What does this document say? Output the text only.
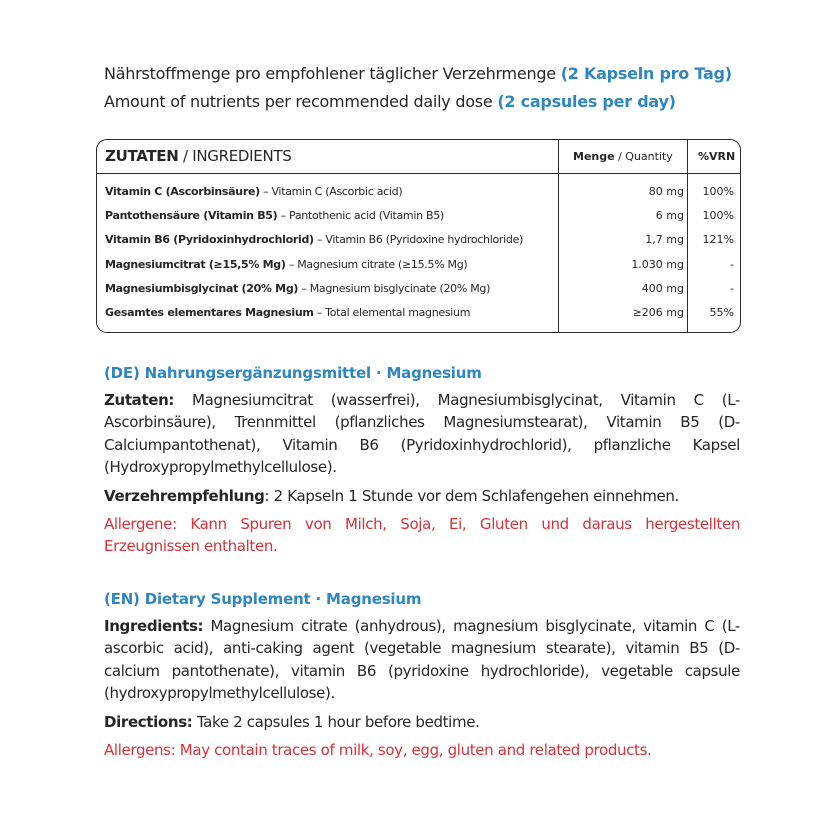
Nährstoffmenge pro empfohlener täglicher Verzehrmenge (2 Kapseln pro Tag)
Amount of nutrients per recommended daily dose (2 capsules per day)
ZUTATEN / INGREDIENTS	Menge / Quantity %VRN
Vitamin C (Ascorbinsäure) – Vitamin C (Ascorbic acid)	80 mg 100%
Pantothensäure (Vitamin B5) – Pantothenic acid (Vitamin B5)	6 mg 100%
Vitamin B6 (Pyridoxinhydrochlorid) – Vitamin B6 (Pyridoxine hydrochloride)	1,7 mg 121%
Magnesiumcitrat (≥15,5% Mg) – Magnesium citrate (≥15.5% Mg)	1.030 mg	-
Magnesiumbisglycinat (20% Mg) – Magnesium bisglycinate (20% Mg)	400 mg	-
Gesamtes elementares Magnesium – Total elemental magnesium	≥206 mg 55%
(DE) Nahrungsergänzungsmittel · Magnesium

Zutaten: Magnesiumcitrat (wasserfrei), Magnesiumbisglycinat, Vitamin C (L-Ascorbinsäure), Trennmittel (pflanzliches Magnesiumstearat), Vitamin B5 (D-Calciumpantothenat), Vitamin B6 (Pyridoxinhydrochlorid), pflanzliche Kapsel (Hydroxypropylmethylcellulose).

Verzehrempfehlung: 2 Kapseln 1 Stunde vor dem Schlafengehen einnehmen.

Allergene: Kann Spuren von Milch, Soja, Ei, Gluten und daraus hergestellten Erzeugnissen enthalten.

(EN) Dietary Supplement · Magnesium

Ingredients: Magnesium citrate (anhydrous), magnesium bisglycinate, vitamin C (L-ascorbic acid), anti-caking agent (vegetable magnesium stearate), vitamin B5 (D-calcium pantothenate), vitamin B6 (pyridoxine hydrochloride), vegetable capsule (hydroxypropylmethylcellulose).

Directions: Take 2 capsules 1 hour before bedtime.

Allergens: May contain traces of milk, soy, egg, gluten and related products.
